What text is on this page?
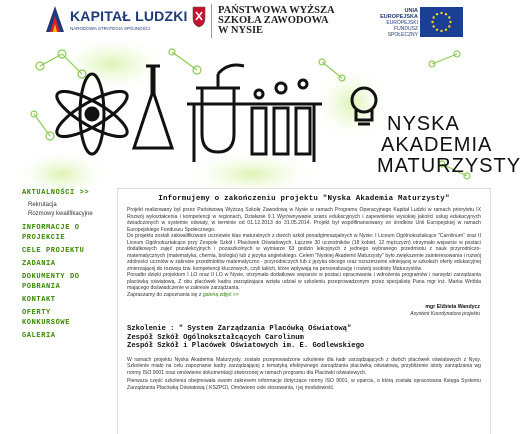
KAPITAŁ LUDZKI
NARODOWA STRATEGIA SPÓJNOŚCI
PAŃSTWOWA WYŻSZA
SZKOŁA ZAWODOWA
W NYSIE
UNIA EUROPEJSKA
EUROPEJSKI
FUNDUSZ SPOŁECZNY
NYSKA
AKADEMIA
MATURZYSTY
AKTUALNOŚCI >>
Rekrutacja
Rozmowy kwalifikacyjne
INFORMACJE O PROJEKCIE
CELE PROJEKTU
ZADANIA
DOKUMENTY DO POBRANIA
KONTAKT
OFERTY KONKURSOWE
GALERIA
Informujemy o zakończeniu projektu "Nyska Akademia Maturzysty"

Projekt realizowany był przez Państwową Wyższą Szkołę Zawodową w Nysie w ramach Programu Operacyjnego Kapitał Ludzki w ramach priorytetu IX Rozwój wykształcenia i kompetencji w regionach, Działanie 9.1 Wyrównywanie szans edukacyjnych i zapewnienie wysokiej jakości usług edukacyjnych świadczonych w systemie oświaty, w terminie od 01.12.2013 do 31.05.2014. Projekt był współfinansowany ze środków Unii Europejskiej w ramach Europejskiego Funduszu Społecznego.

Do projektu zostali zakwalifikowani uczniowie klas maturalnych z dwóch szkół ponadgimnazjalnych w Nysie: I Liceum Ogólnokształcące "Carolinum" oraz II Liceum Ogólnokształcące przy Zespole Szkół i Placówek Oświatowych. Łącznie 30 uczestników (18 kobiet, 12 mężczyzn) otrzymało wsparcie w postaci dodatkowych zajęć pozalekcyjnych i pozaszkolnych w wymiarze 63 godzin lekcyjnych z jednego wybranego przedmiotu z nauk przyrodniczo-matematycznych (matematyka, chemia, biologia) lub z języka angielskiego. Celem "Nyskiej Akademii Maturzysty" było zwiększenie zainteresowania i rozwój zdolności uczniów w zakresie przedmiotów matematyczno - przyrodniczych lub z języka obcego oraz rozszerzenie sitniejącej w szkołach oferty edukacyjnej zmierzającej do rozwoju tzw. kompetencji kluczowych, czyli takich, które wpływają na personalizację i rozwój osobisty Maturzystów.

Ponadto dzięki projektom I LO oraz II LO w Nysie, otrzymało dodatkowe wsparcie w postaci opracowania i wdrożenia programów i narzędzi zarządzania placówką oświatową. Z obu placówek kadra zarządzająca wzięła udział w szkoleniu przeprowadzonym przez specjalistę Pana mgr inż. Marka Wróbla mającego doświadczenie w zakresie zarządzania.

Zapraszamy do zapoznania się z galerią zdjęć >>

mgr Elżbieta Wandycz
Asystent Koordynatora projektu
Szkolenie : " System Zarządzania Placówką Oświatową"
Zespół Szkół Ogólnokształcących Carolinum
Zespół Szkół i Placówek Oświatowych im. E. Godlewskiego

W ramach projektu Nyska Akademia Maturzysty, zostało przeprowadzone szkolenie dla kadr zarządzających z dwóch placówek oświatowych z Nysy. Szkolenie miało na celu zapoznanie kadry zarządzającej z tematyką efektywnego zarządzania placówką oświatową, przybliżenie istoty zarządzania wg normy ISO 9001 oraz omówienie dokumentacji stworzonej w ramach programu dla Placówki oświatowych.

Pierwsza część szkolenia obejmowała swoim zakresem informacje dotyczące normy ISO 9001, w oparciu, o którą została opracowana Księga Systemu Zarządzania Placówką Oświatową ( KSZPO). Omówiono cele stosowania, i jej modułowość.
